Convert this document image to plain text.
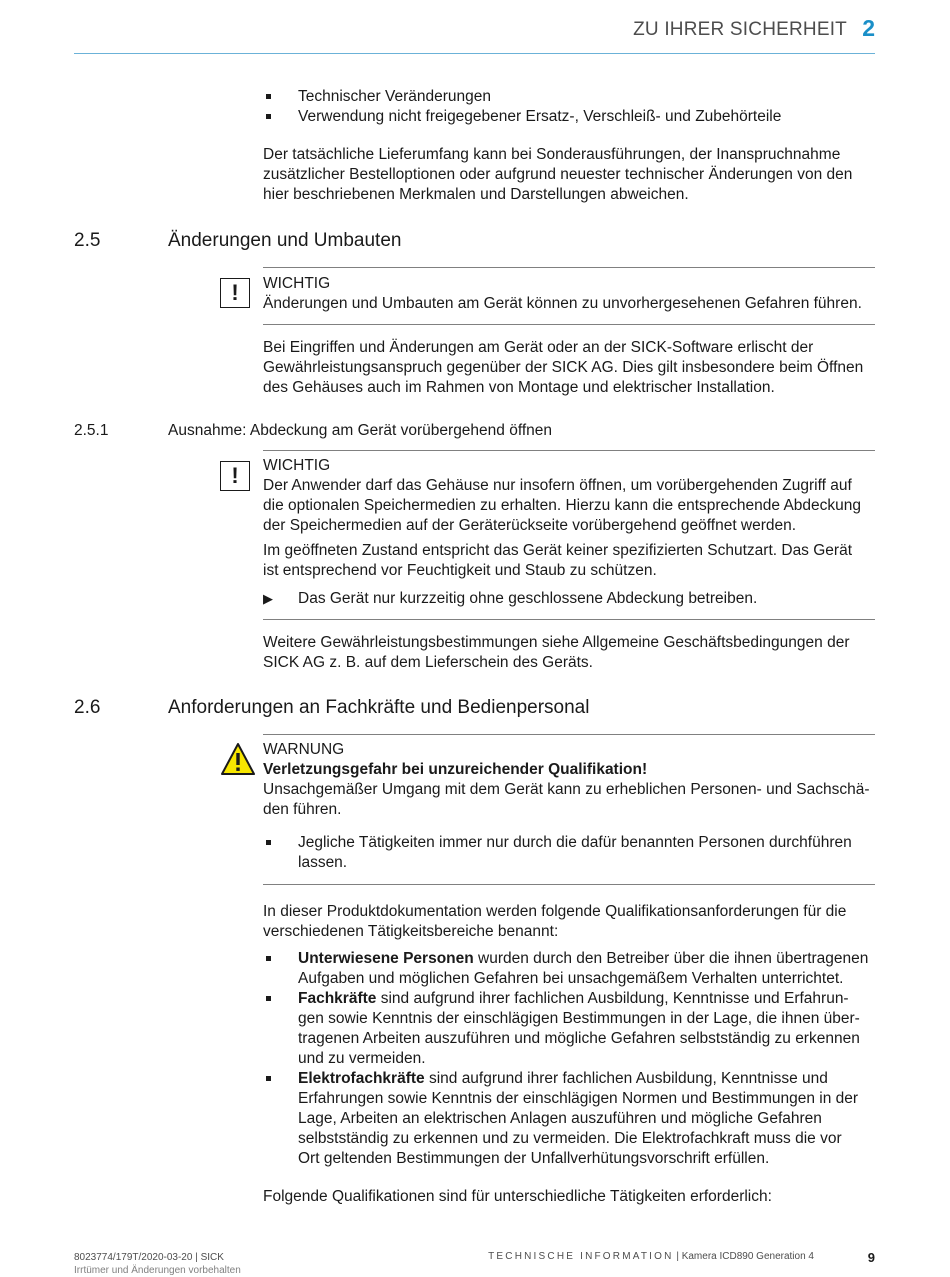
ZU IHRER SICHERHEIT 2
Technischer Veränderungen
Verwendung nicht freigegebener Ersatz-, Verschleiß- und Zubehörteile

Der tatsächliche Lieferumfang kann bei Sonderausführungen, der Inanspruchnahme

zusätzlicher Bestelloptionen oder aufgrund neuester technischer Änderungen von den

hier beschriebenen Merkmalen und Darstellungen abweichen.

2.5	Änderungen und Umbauten
!	WICHTIG
Änderungen und Umbauten am Gerät können zu unvorhergesehenen Gefahren führen.

Bei Eingriffen und Änderungen am Gerät oder an der SICK-Software erlischt der

Gewährleistungsanspruch gegenüber der SICK AG. Dies gilt insbesondere beim Öffnen

des Gehäuses auch im Rahmen von Montage und elektrischer Installation.

2.5.1	Ausnahme: Abdeckung am Gerät vorübergehend öffnen
!	WICHTIG

Der Anwender darf das Gehäuse nur insofern öffnen, um vorübergehenden Zugriff auf

die optionalen Speichermedien zu erhalten. Hierzu kann die entsprechende Abdeckung

der Speichermedien auf der Geräterückseite vorübergehend geöffnet werden.

Im geöffneten Zustand entspricht das Gerät keiner spezifizierten Schutzart. Das Gerät

ist entsprechend vor Feuchtigkeit und Staub zu schützen.

▶ Das Gerät nur kurzzeitig ohne geschlossene Abdeckung betreiben.

Weitere Gewährleistungsbestimmungen siehe Allgemeine Geschäftsbedingungen der

SICK AG z. B. auf dem Lieferschein des Geräts.

2.6	Anforderungen an Fachkräfte und Bedienpersonal
WARNUNG
Verletzungsgefahr bei unzureichender Qualifikation!

Unsachgemäßer Umgang mit dem Gerät kann zu erheblichen Personen- und Sachschä-

den führen.

Jegliche Tätigkeiten immer nur durch die dafür benannten Personen durchführen
lassen.

In dieser Produktdokumentation werden folgende Qualifikationsanforderungen für die

verschiedenen Tätigkeitsbereiche benannt:

Unterwiesene Personen wurden durch den Betreiber über die ihnen übertragenen
Aufgaben und möglichen Gefahren bei unsachgemäßem Verhalten unterrichtet.
Fachkräfte sind aufgrund ihrer fachlichen Ausbildung, Kenntnisse und Erfahrun-
gen sowie Kenntnis der einschlägigen Bestimmungen in der Lage, die ihnen über-
tragenen Arbeiten auszuführen und mögliche Gefahren selbstständig zu erkennen
und zu vermeiden.
Elektrofachkräfte sind aufgrund ihrer fachlichen Ausbildung, Kenntnisse und
Erfahrungen sowie Kenntnis der einschlägigen Normen und Bestimmungen in der
Lage, Arbeiten an elektrischen Anlagen auszuführen und mögliche Gefahren
selbstständig zu erkennen und zu vermeiden. Die Elektrofachkraft muss die vor
Ort geltenden Bestimmungen der Unfallverhütungsvorschrift erfüllen.
Folgende Qualifikationen sind für unterschiedliche Tätigkeiten erforderlich:
8023774/179T/2020-03-20 | SICK
Irrtümer und Änderungen vorbehalten
TECHNISCHE INFORMATION | Kamera ICD890 Generation 4	9
